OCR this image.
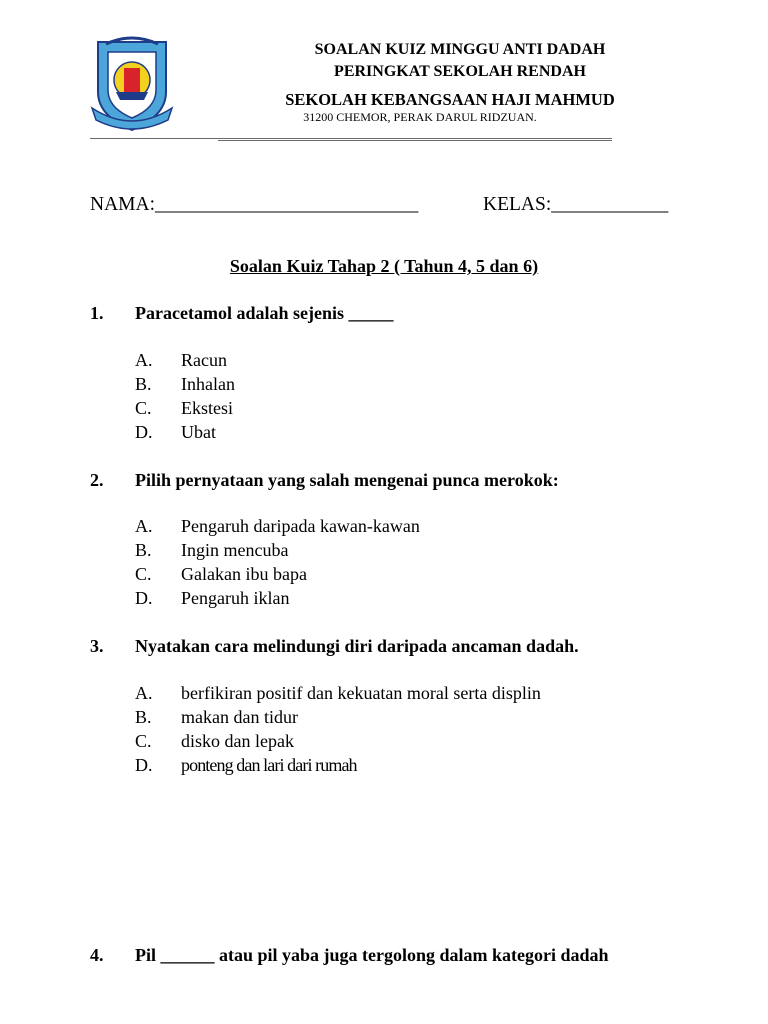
SOALAN KUIZ MINGGU ANTI DADAH
PERINGKAT SEKOLAH RENDAH
SEKOLAH KEBANGSAAN HAJI MAHMUD
31200 CHEMOR, PERAK DARUL RIDZUAN.
NAMA:___________________________	KELAS:____________
Soalan Kuiz Tahap 2 ( Tahun 4, 5 dan 6)
1. Paracetamol adalah sejenis _____
A. Racun
B. Inhalan
C. Ekstesi
D. Ubat
2. Pilih pernyataan yang salah mengenai punca merokok:
A. Pengaruh daripada kawan-kawan
B. Ingin mencuba
C. Galakan ibu bapa
D. Pengaruh iklan
3. Nyatakan cara melindungi diri daripada ancaman dadah.
A. berfikiran positif dan kekuatan moral serta displin
B. makan dan tidur
C. disko dan lepak
D. ponteng dan lari dari rumah
4. Pil ______ atau pil yaba juga tergolong dalam kategori dadah
